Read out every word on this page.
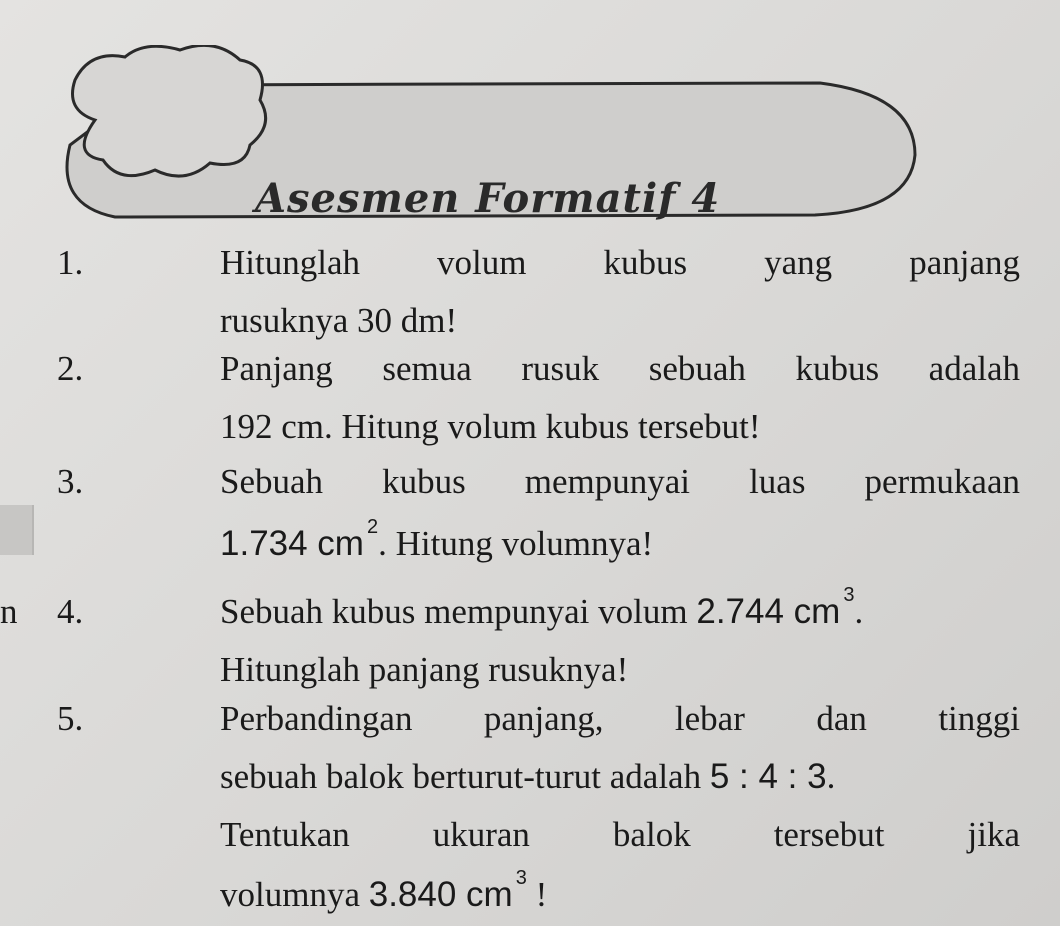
Asesmen Formatif 4
n
1.	Hitunglah volum kubus yang panjang
rusuknya 30 dm!
2.	Panjang semua rusuk sebuah kubus adalah
192 cm. Hitung volum kubus tersebut!
3.	Sebuah kubus mempunyai luas permukaan
1.734 cm $^2$. Hitung volumnya!
4.	Sebuah kubus mempunyai volum 2.744 cm $^3$.
Hitunglah panjang rusuknya!
5.	Perbandingan panjang, lebar dan tinggi
sebuah balok berturut-turut adalah 5 : 4 : 3.
Tentukan ukuran balok tersebut jika
volumnya 3.840 cm $^3$ !
